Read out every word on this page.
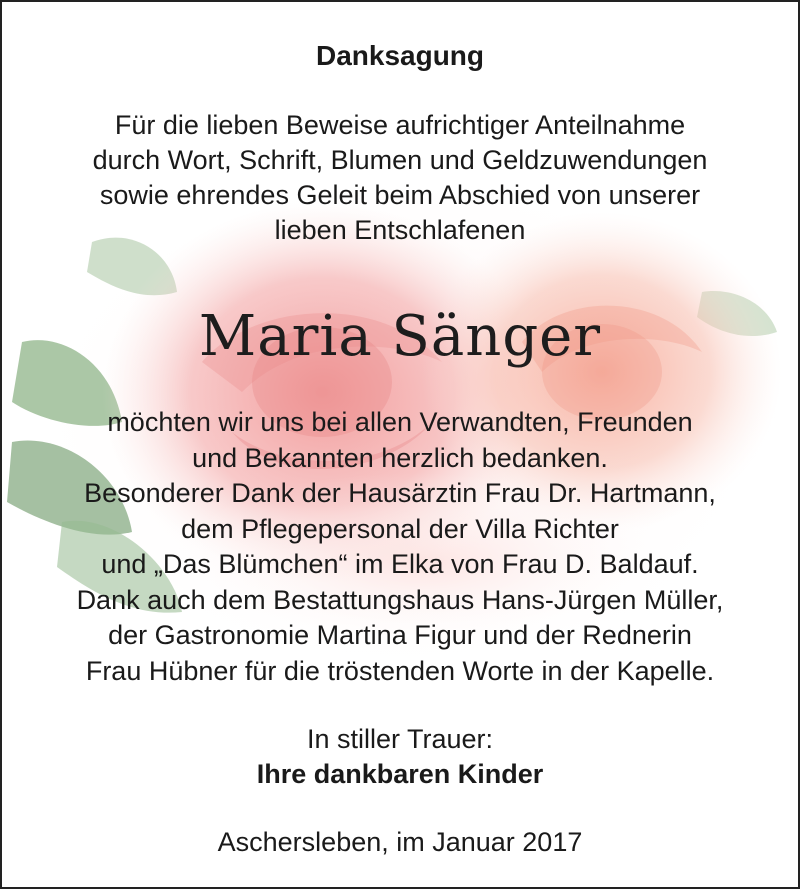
Danksagung
Für die lieben Beweise aufrichtiger Anteilnahme
durch Wort, Schrift, Blumen und Geldzuwendungen
sowie ehrendes Geleit beim Abschied von unserer
lieben Entschlafenen
Maria Sänger
möchten wir uns bei allen Verwandten, Freunden
und Bekannten herzlich bedanken.
Besonderer Dank der Hausärztin Frau Dr. Hartmann,
dem Pflegepersonal der Villa Richter
und „Das Blümchen“ im Elka von Frau D. Baldauf.
Dank auch dem Bestattungshaus Hans-Jürgen Müller,
der Gastronomie Martina Figur und der Rednerin
Frau Hübner für die tröstenden Worte in der Kapelle.
In stiller Trauer:
Ihre dankbaren Kinder
Aschersleben, im Januar 2017
